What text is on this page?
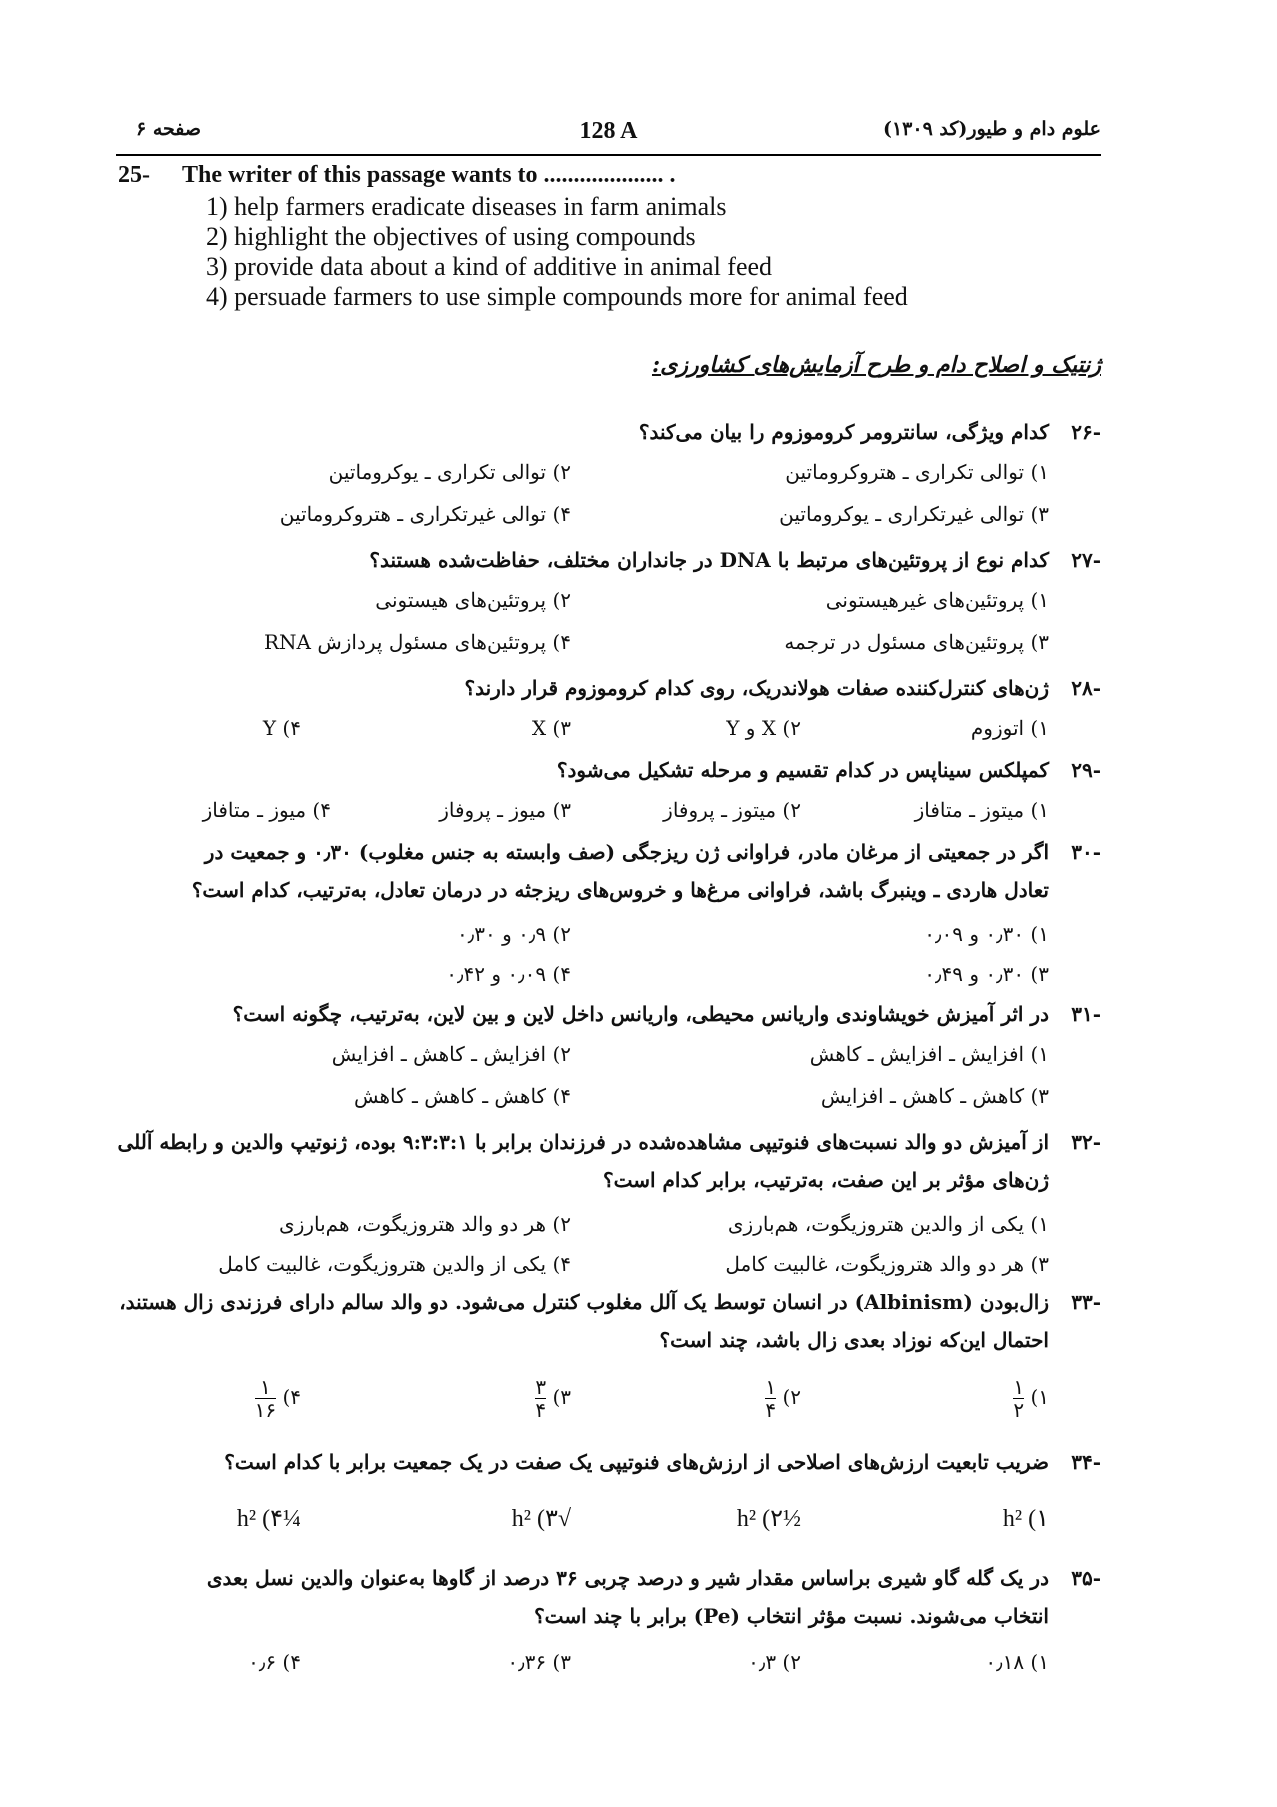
صفحه ۶	128 A	علوم دام و طیور(کد ۱۳۰۹)
25- The writer of this passage wants to .................... .
1) help farmers eradicate diseases in farm animals
2) highlight the objectives of using compounds
3) provide data about a kind of additive in animal feed
4) persuade farmers to use simple compounds more for animal feed
ژنتیک و اصلاح دام و طرح آزمایش‌های کشاورزی:
-۲۶
کدام ویژگی، سانترومر کروموزوم را بیان می‌کند؟
۱) توالی تکراری ـ هتروکروماتین
۲) توالی تکراری ـ یوکروماتین
۳) توالی غیرتکراری ـ یوکروماتین
۴) توالی غیرتکراری ـ هتروکروماتین
-۲۷
کدام نوع از پروتئین‌های مرتبط با DNA در جانداران مختلف، حفاظت‌شده هستند؟
۱) پروتئین‌های غیرهیستونی
۲) پروتئین‌های هیستونی
۳) پروتئین‌های مسئول در ترجمه
۴) پروتئین‌های مسئول پردازش RNA
-۲۸
ژن‌های کنترل‌کننده صفات هولاندریک، روی کدام کروموزوم قرار دارند؟
۱) اتوزوم
۲) X و Y
۳) X
۴) Y
-۲۹
کمپلکس سیناپس در کدام تقسیم و مرحله تشکیل می‌شود؟
۱) میتوز ـ متافاز
۲) میتوز ـ پروفاز
۳) میوز ـ پروفاز
۴) میوز ـ متافاز
-۳۰
اگر در جمعیتی از مرغان مادر، فراوانی ژن ریزجگی (صف وابسته به جنس مغلوب) ۰٫۳۰ و جمعیت در
تعادل هاردی ـ وینبرگ باشد، فراوانی مرغ‌ها و خروس‌های ریزجثه در درمان تعادل، به‌ترتیب، کدام است؟
۱) ۰٫۳۰ و ۰٫۰۹
۲) ۰٫۹ و ۰٫۳۰
۳) ۰٫۳۰ و ۰٫۴۹
۴) ۰٫۰۹ و ۰٫۴۲
-۳۱
در اثر آمیزش خویشاوندی واریانس محیطی، واریانس داخل لاین و بین لاین، به‌ترتیب، چگونه است؟
۱) افزایش ـ افزایش ـ کاهش
۲) افزایش ـ کاهش ـ افزایش
۳) کاهش ـ کاهش ـ افزایش
۴) کاهش ـ کاهش ـ کاهش
-۳۲
از آمیزش دو والد نسبت‌های فنوتیپی مشاهده‌شده در فرزندان برابر با ۹:۳:۳:۱ بوده، ژنوتیپ والدین و رابطه آللی
ژن‌های مؤثر بر این صفت، به‌ترتیب، برابر کدام است؟
۱) یکی از والدین هتروزیگوت، هم‌بارزی
۲) هر دو والد هتروزیگوت، هم‌بارزی
۳) هر دو والد هتروزیگوت، غالبیت کامل
۴) یکی از والدین هتروزیگوت، غالبیت کامل
-۳۳
زال‌بودن (Albinism) در انسان توسط یک آلل مغلوب کنترل می‌شود. دو والد سالم دارای فرزندی زال هستند،
احتمال این‌که نوزاد بعدی زال باشد، چند است؟
۱)
$\frac{۱}{۲}$
۲)
$\frac{۱}{۴}$
۳)
$\frac{۳}{۴}$
۴)
$\frac{۱}{۱۶}$
-۳۴
ضریب تابعیت ارزش‌های اصلاحی از ارزش‌های فنوتیپی یک صفت در یک جمعیت برابر با کدام است؟
h² (۱
½h² (۲
√h² (۳
¼h² (۴
-۳۵
در یک گله گاو شیری براساس مقدار شیر و درصد چربی ۳۶ درصد از گاوها به‌عنوان والدین نسل بعدی
انتخاب می‌شوند. نسبت مؤثر انتخاب (Pe) برابر با چند است؟
۱) ۰٫۱۸
۲) ۰٫۳
۳) ۰٫۳۶
۴) ۰٫۶
